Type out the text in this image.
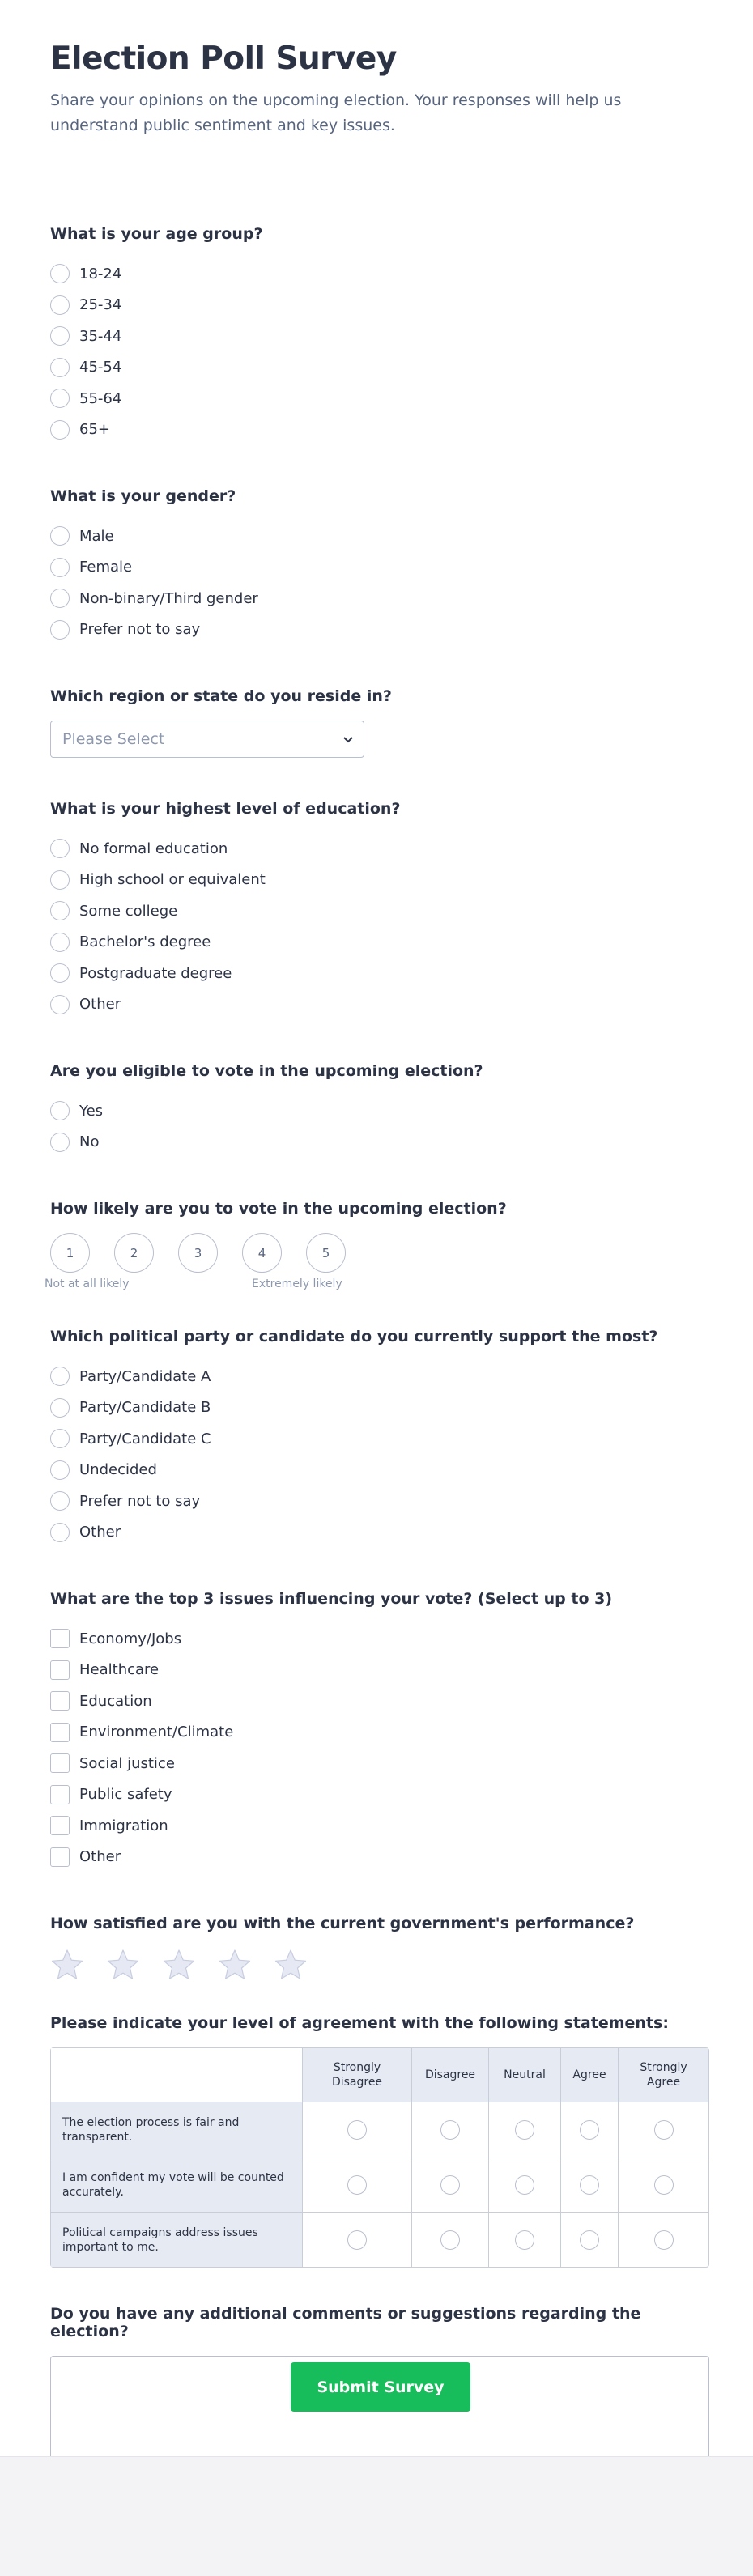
Election Poll Survey
Share your opinions on the upcoming election. Your responses will help us understand public sentiment and key issues.
What is your age group?
18-24
25-34
35-44
45-54
55-64
65+
What is your gender?
Male
Female
Non-binary/Third gender
Prefer not to say
Which region or state do you reside in?
Please Select
What is your highest level of education?
No formal education
High school or equivalent
Some college
Bachelor's degree
Postgraduate degree
Other
Are you eligible to vote in the upcoming election?
Yes
No
How likely are you to vote in the upcoming election?
1	2	3	4	5
Not at all likely	Extremely likely
Which political party or candidate do you currently support the most?
Party/Candidate A
Party/Candidate B
Party/Candidate C
Undecided
Prefer not to say
Other
What are the top 3 issues influencing your vote? (Select up to 3)
Economy/Jobs
Healthcare
Education
Environment/Climate
Social justice
Public safety
Immigration
Other
How satisfied are you with the current government's performance?
Please indicate your level of agreement with the following statements:
	Strongly Disagree	Disagree	Neutral	Agree	Strongly Agree
The election process is fair and transparent.	

I am confident my vote will be counted accurately.	

Political campaigns address issues important to me.	

Do you have any additional comments or suggestions regarding the election?
Submit Survey
